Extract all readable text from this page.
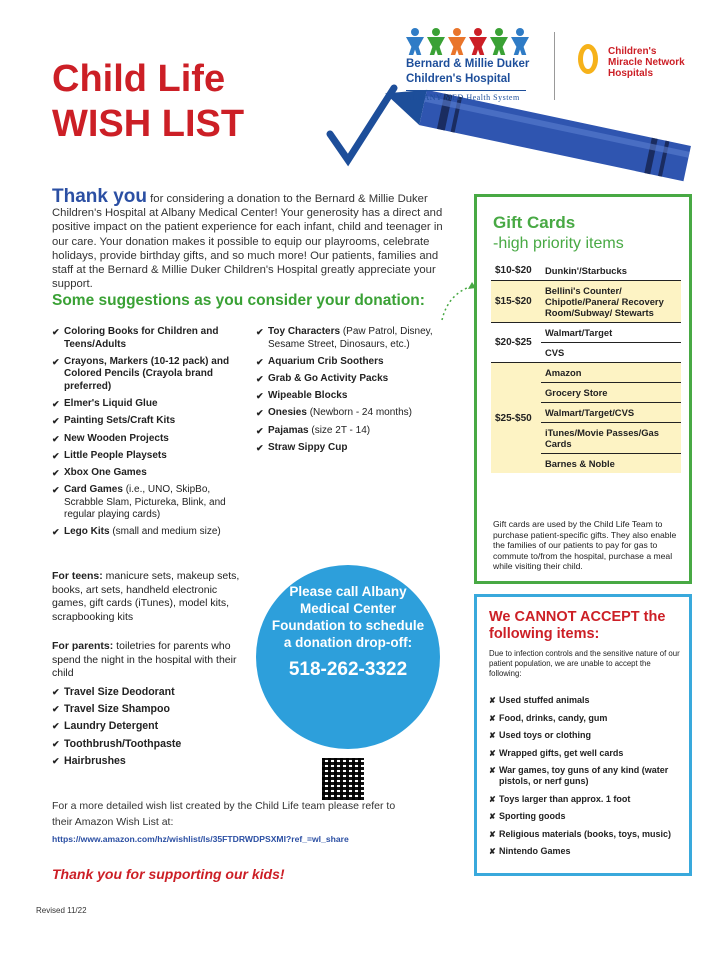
Child Life
WISH LIST
Bernard & Millie Duker
Children's Hospital
ALBANY MED Health System
Children's
Miracle Network
Hospitals
Thank you for considering a donation to the Bernard & Millie Duker Children's Hospital at Albany Medical Center! Your generosity has a direct and positive impact on the patient experience for each infant, child and teenager in our care. Your donation makes it possible to equip our playrooms, celebrate holidays, provide birthday gifts, and so much more! Our patients, families and staff at the Bernard & Millie Duker Children's Hospital greatly appreciate your support.
Some suggestions as you consider your donation:
✔ Coloring Books for Children and Teens/Adults
✔ Crayons, Markers (10-12 pack) and Colored Pencils (Crayola brand preferred)
✔ Elmer's Liquid Glue
✔ Painting Sets/Craft Kits
✔ New Wooden Projects
✔ Little People Playsets
✔ Xbox One Games
✔ Card Games (i.e., UNO, SkipBo, Scrabble Slam, Pictureka, Blink, and regular playing cards)
✔ Lego Kits (small and medium size)
✔ Toy Characters (Paw Patrol, Disney, Sesame Street, Dinosaurs, etc.)
✔ Aquarium Crib Soothers
✔ Grab & Go Activity Packs
✔ Wipeable Blocks
✔ Onesies (Newborn - 24 months)
✔ Pajamas (size 2T - 14)
✔ Straw Sippy Cup
For teens: manicure sets, makeup sets, books, art sets, handheld electronic games, gift cards (iTunes), model kits, scrapbooking kits
For parents: toiletries for parents who spend the night in the hospital with their child
✔ Travel Size Deodorant
✔ Travel Size Shampoo
✔ Laundry Detergent
✔ Toothbrush/Toothpaste
✔ Hairbrushes
Please call Albany Medical Center Foundation to schedule a donation drop-off:
518-262-3322
For a more detailed wish list created by the Child Life team please refer to their Amazon Wish List at:
https://www.amazon.com/hz/wishlist/ls/35FTDRWDPSXMI?ref_=wl_share
Thank you for supporting our kids!
Revised 11/22
Gift Cards
-high priority items
$10-$20	Dunkin'/Starbucks
$15-$20
Bellini's Counter/ Chipotle/Panera/ Recovery Room/Subway/ Stewarts
$20-$25
Walmart/Target
CVS
$25-$50
Amazon
Grocery Store
Walmart/Target/CVS
iTunes/Movie Passes/Gas Cards
Barnes & Noble
Gift cards are used by the Child Life Team to purchase patient-specific gifts. They also enable the families of our patients to pay for gas to commute to/from the hospital, purchase a meal while visiting their child.
We CANNOT ACCEPT the following items:
Due to infection controls and the sensitive nature of our patient population, we are unable to accept the following:
✘ Used stuffed animals
✘ Food, drinks, candy, gum
✘ Used toys or clothing
✘ Wrapped gifts, get well cards
✘ War games, toy guns of any kind (water pistols, or nerf guns)
✘ Toys larger than approx. 1 foot
✘ Sporting goods
✘ Religious materials (books, toys, music)
✘ Nintendo Games
